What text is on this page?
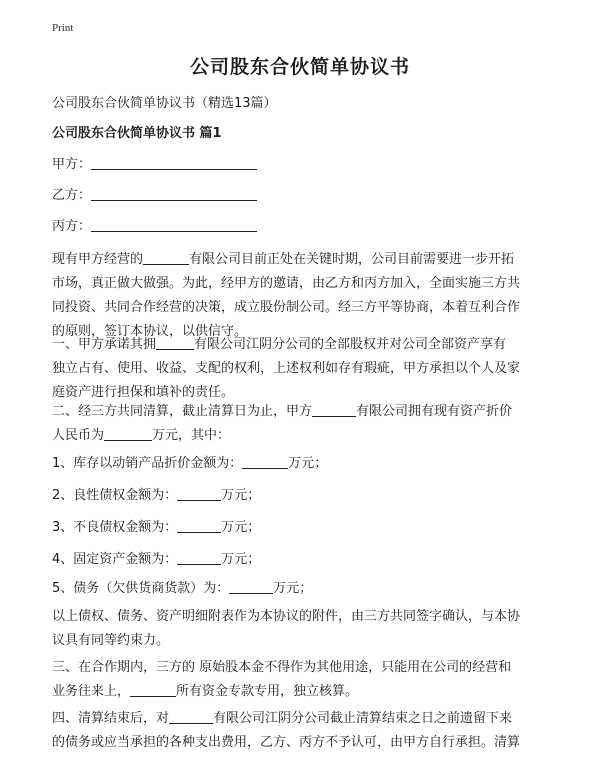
Print
公司股东合伙简单协议书
公司股东合伙简单协议书（精选13篇）
公司股东合伙简单协议书 篇1
甲方：
乙方：
丙方：
现有甲方经营的	有限公司目前正处在关键时期，公司目前需要进一步开拓
市场，真正做大做强。为此，经甲方的邀请，由乙方和丙方加入，全面实施三方共
同投资、共同合作经营的决策，成立股份制公司。经三方平等协商，本着互利合作
的原则，签订本协议，以供信守。
一、甲方承诺其拥	有限公司江阴分公司的全部股权并对公司全部资产享有
独立占有、使用、收益、支配的权利，上述权利如存有瑕疵，甲方承担以个人及家
庭资产进行担保和填补的责任。
二、经三方共同清算，截止清算日为止，甲方	有限公司拥有现有资产折价
人民币为	万元，其中：
1、库存以动销产品折价金额为：	万元；
2、良性债权金额为：	万元；
3、不良债权金额为：	万元；
4、固定资产金额为：	万元；
5、债务（欠供货商货款）为：	万元；
以上债权、债务、资产明细附表作为本协议的附件，由三方共同签字确认，与本协
议具有同等约束力。
三、在合作期内，三方的 原始股本金不得作为其他用途，只能用在公司的经营和
业务往来上，	所有资金专款专用，独立核算。
四、清算结束后，对	有限公司江阴分公司截止清算结束之日之前遗留下来
的债务或应当承担的各种支出费用，乙方、丙方不予认可，由甲方自行承担。清算
